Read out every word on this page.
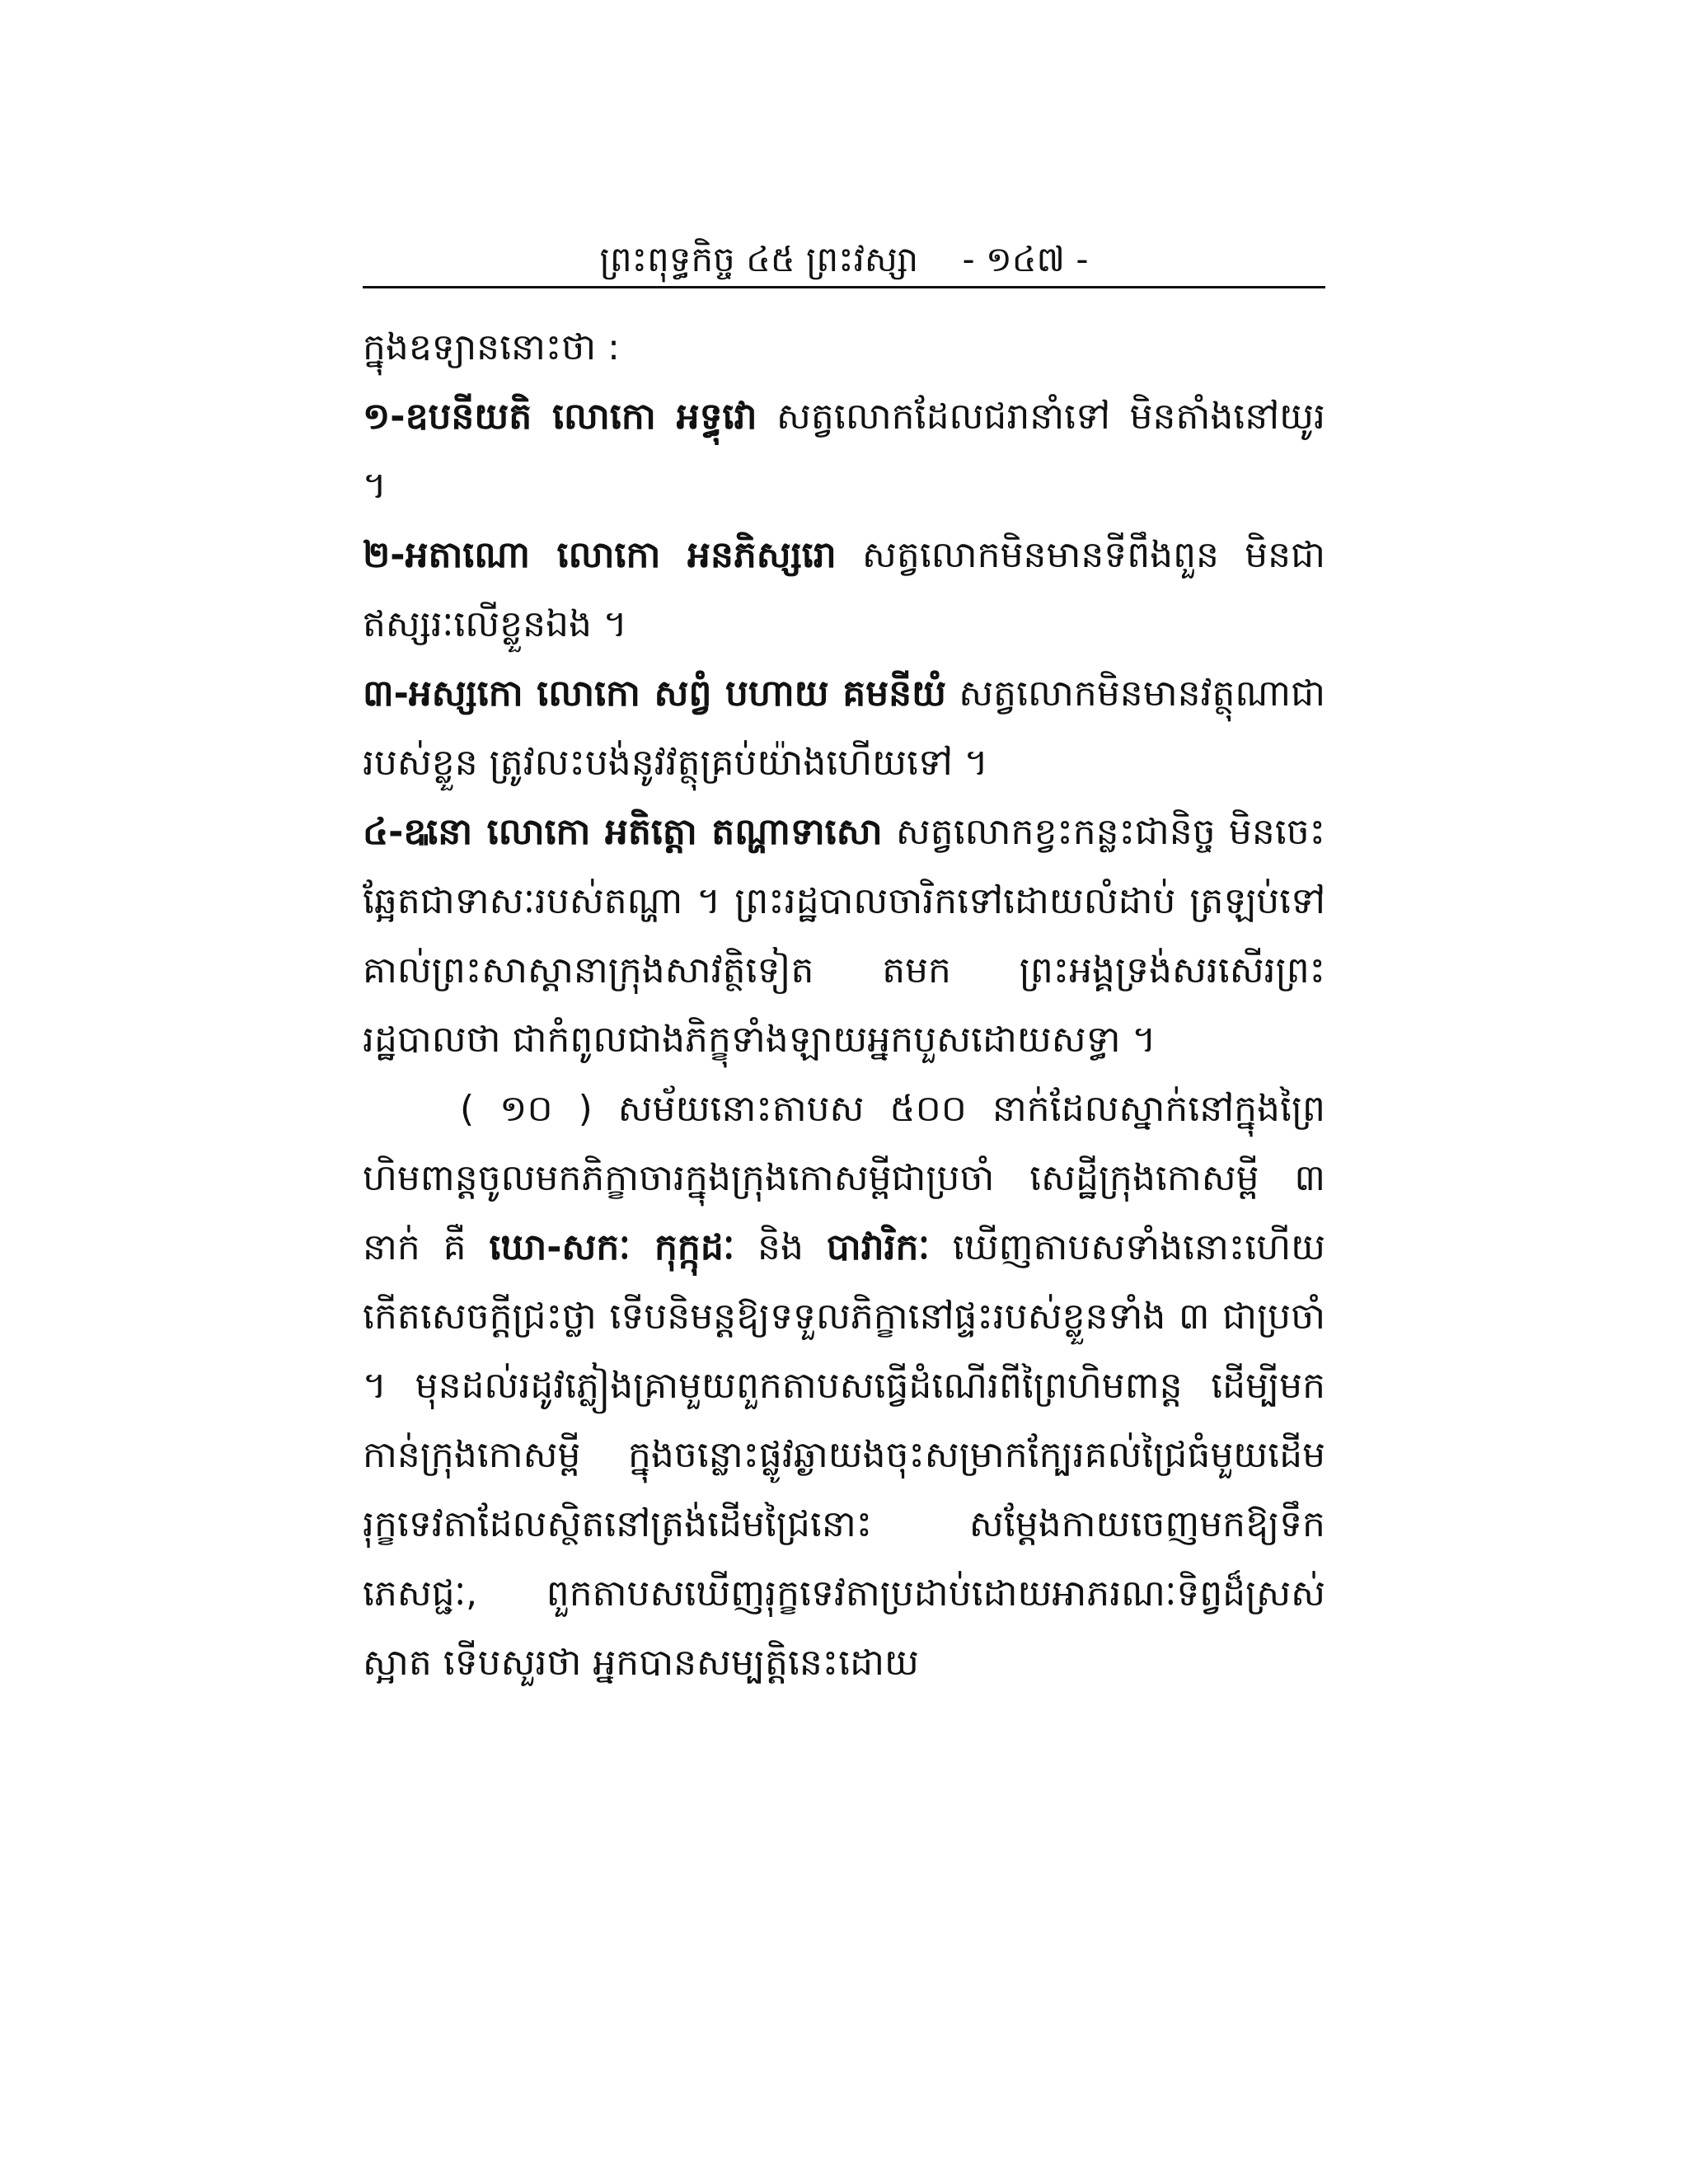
ព្រះពុទ្ធកិច្ច ៤៥ ព្រះវស្សា - ១៤៧ -

ក្នុងឧទ្យាននោះថា :

១-ឧបនីយតិ លោកោ អទ្ធុវោ សត្វលោកដែលជរានាំទៅ មិនតាំងនៅយូរ ។

២-អតាណោ លោកោ អនភិស្សរោ សត្វលោកមិនមានទីពឹងពួន មិនជាឥស្សរៈលើខ្លួនឯង ។

៣-អស្សកោ លោកោ សព្វំ បហាយ គមនីយំ សត្វលោកមិនមានវត្ថុណាជារបស់ខ្លួន ត្រូវលះបង់នូវវត្ថុគ្រប់យ៉ាងហើយទៅ ។

៤-ឩនោ លោកោ អតិត្តោ តណ្ហាទាសោ សត្វលោកខ្វះកន្លះជានិច្ច មិនចេះឆ្អែតជាទាសៈរបស់តណ្ហា ។ ព្រះរដ្ឋបាលចារិកទៅដោយលំដាប់ ត្រឡប់ទៅគាល់ព្រះសាស្តានាក្រុងសាវត្ថិទៀត តមក ព្រះអង្គទ្រង់សរសើរព្រះរដ្ឋបាលថា ជាកំពូលជាងភិក្ខុទាំងឡាយអ្នកបួសដោយសទ្ធា ។

( ១០ ) សម័យនោះតាបស ៥០០ នាក់ដែលស្នាក់នៅក្នុងព្រៃហិមពាន្តចូលមកភិក្ខាចារក្នុងក្រុងកោសម្ពីជាប្រចាំ សេដ្ឋីក្រុងកោសម្ពី ៣ នាក់ គឺ ឃោ-សកៈ កុក្កុដៈ និង បាវារិកៈ ឃើញតាបសទាំងនោះហើយ កើតសេចក្តីជ្រះថ្លា ទើបនិមន្តឱ្យទទួលភិក្ខានៅផ្ទះរបស់ខ្លួនទាំង ៣ ជាប្រចាំ ។ មុនដល់រដូវភ្លៀងគ្រាមួយពួកតាបសធ្វើដំណើរពីព្រៃហិមពាន្ត ដើម្បីមកកាន់ក្រុងកោសម្ពី ក្នុងចន្លោះផ្លូវឆ្ងាយងចុះសម្រាកក្បែរគល់ជ្រៃធំមួយដើម រុក្ខទេវតាដែលស្ថិតនៅត្រង់ដើមជ្រៃនោះ សម្តែងកាយចេញមកឱ្យទឹកភេសជ្ជៈ, ពួកតាបសឃើញរុក្ខទេវតាប្រដាប់ដោយអាភរណៈទិព្វដ៏ស្រស់ស្អាត ទើបសួរថា អ្នកបានសម្បត្តិនេះដោយ
